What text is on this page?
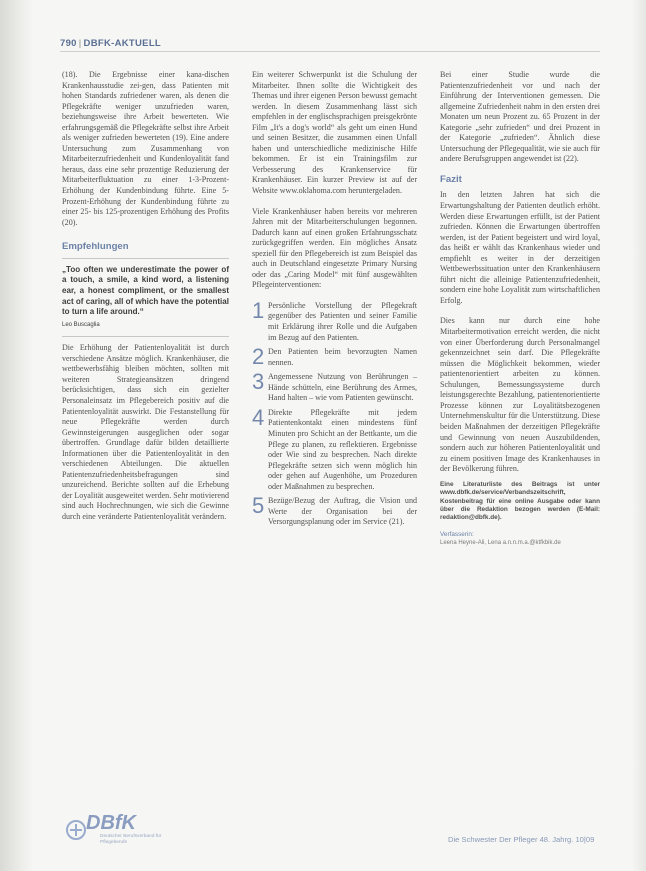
790 | DBFK-AKTUELL

(18). Die Ergebnisse einer kana-dischen Krankenhausstudie zei-gen, dass Patienten mit hohen Standards zufriedener waren, als denen die Pflegekräfte weniger unzufrieden waren, beziehungsweise ihre Arbeit bewerteten. Wie erfahrungsgemäß die Pflegekräfte selbst ihre Arbeit als weniger zufrieden bewerteten (19). Eine andere Untersuchung zum Zusammenhang von Mitarbeiterzufriedenheit und Kundenloyalität fand heraus, dass eine sehr prozentige Reduzierung der Mitarbeiterfluktuation zu einer 1-3-Prozent-Erhöhung der Kundenbindung führte. Eine 5-Prozent-Erhöhung der Kundenbindung führte zu einer 25- bis 125-prozentigen Erhöhung des Profits (20).

Empfehlungen
„Too often we underestimate the power of a touch, a smile, a kind word, a listening ear, a honest compliment, or the smallest act of caring, all of which have the potential to turn a life around.“
Leo Buscaglia

Die Erhöhung der Patientenloyalität ist durch verschiedene Ansätze möglich. Krankenhäuser, die wettbewerbsfähig bleiben möchten, sollten mit weiteren Strategieansätzen dringend berücksichtigen, dass sich ein gezielter Personaleinsatz im Pflegebereich positiv auf die Patientenloyalität auswirkt. Die Festanstellung für neue Pflegekräfte werden durch Gewinnsteigerungen ausgeglichen oder sogar übertroffen. Grundlage dafür bilden detaillierte Informationen über die Patientenloyalität in den verschiedenen Abteilungen. Die aktuellen Patientenzufriedenheitsbefragungen sind unzureichend. Berichte sollten auf die Erhebung der Loyalität ausgeweitet werden. Sehr motivierend sind auch Hochrechnungen, wie sich die Gewinne durch eine veränderte Patientenloyalität verändern.

Ein weiterer Schwerpunkt ist die Schulung der Mitarbeiter. Ihnen sollte die Wichtigkeit des Themas und ihrer eigenen Person bewusst gemacht werden. In diesem Zusammenhang lässt sich empfehlen in der englischsprachigen preisgekrönte Film „It's a dog's world“ als geht um einen Hund und seinen Besitzer, die zusammen einen Unfall haben und unterschiedliche medizinische Hilfe bekommen. Er ist ein Trainingsfilm zur Verbesserung des Krankenservice für Krankenhäuser. Ein kurzer Preview ist auf der Website www.oklahoma.com heruntergeladen.

Viele Krankenhäuser haben bereits vor mehreren Jahren mit der Mitarbeiterschulungen begonnen. Dadurch kann auf einen großen Erfahrungsschatz zurückgegriffen werden. Ein mögliches Ansatz speziell für den Pflegebereich ist zum Beispiel das auch in Deutschland eingesetzte Primary Nursing oder das „Caring Model“ mit fünf ausgewählten Pflegeinterventionen:

1 Persönliche Vorstellung der Pflegekraft gegenüber des Patienten und seiner Familie mit Erklärung ihrer Rolle und die Aufgaben im Bezug auf den Patienten.
2 Den Patienten beim bevorzugten Namen nennen.
3 Angemessene Nutzung von Berührungen – Hände schütteln, eine Berührung des Armes, Hand halten – wie vom Patienten gewünscht.
4 Direkte Pflegekräfte mit jedem Patientenkontakt einen mindestens fünf Minuten pro Schicht an der Bettkante, um die Pflege zu planen, zu reflektieren. Ergebnisse oder Wie sind zu besprechen. Nach direkte Pflegekräfte setzen sich wenn möglich hin oder gehen auf Augenhöhe, um Prozeduren oder Maßnahmen zu besprechen.
5 Bezüge/Bezug der Auftrag, die Vision und Werte der Organisation bei der Versorgungsplanung oder im Service (21).

Bei einer Studie wurde die Patientenzufriedenheit vor und nach der Einführung der Interventionen gemessen. Die allgemeine Zufriedenheit nahm in den ersten drei Monaten um neun Prozent zu. 65 Prozent in der Kategorie „sehr zufrieden“ und drei Prozent in der Kategorie „zufrieden“. Ähnlich diese Untersuchung der Pflegequalität, wie sie auch für andere Berufsgruppen angewendet ist (22).

Fazit

In den letzten Jahren hat sich die Erwartungshaltung der Patienten deutlich erhöht. Werden diese Erwartungen erfüllt, ist der Patient zufrieden. Können die Erwartungen übertroffen werden, ist der Patient begeistert und wird loyal, das heißt er wählt das Krankenhaus wieder und empfiehlt es weiter in der derzeitigen Wettbewerbssituation unter den Krankenhäusern führt nicht die alleinige Patientenzufriedenheit, sondern eine hohe Loyalität zum wirtschaftlichen Erfolg.

Dies kann nur durch eine hohe Mitarbeitermotivation erreicht werden, die nicht von einer Überforderung durch Personalmangel gekennzeichnet sein darf. Die Pflegekräfte müssen die Möglichkeit bekommen, wieder patientenorientiert arbeiten zu können. Schulungen, Bemessungssysteme durch leistungsgerechte Bezahlung, patientenorientierte Prozesse können zur Loyalitätsbezogenen Unternehmenskultur für die Unterstützung. Diese beiden Maßnahmen der derzeitigen Pflegekräfte und Gewinnung von neuen Auszubildenden, sondern auch zur höheren Patientenloyalität und zu einem positiven Image des Krankenhauses in der Bevölkerung führen.

Eine Literaturliste des Beitrags ist unter www.dbfk.de/service/Verbandszeitschrift, Kostenbeitrag für eine online Ausgabe oder kann über die Redaktion bezogen werden (E-Mail: redaktion@dbfk.de).
Verfasserin:
Leena Heyne-Ali, Lena a.n.n.m.a.@ktfkbik.de
DBfK
Deutscher Berufsverband für Pflegeberufe	Die Schwester Der Pfleger 48. Jahrg. 10|09
